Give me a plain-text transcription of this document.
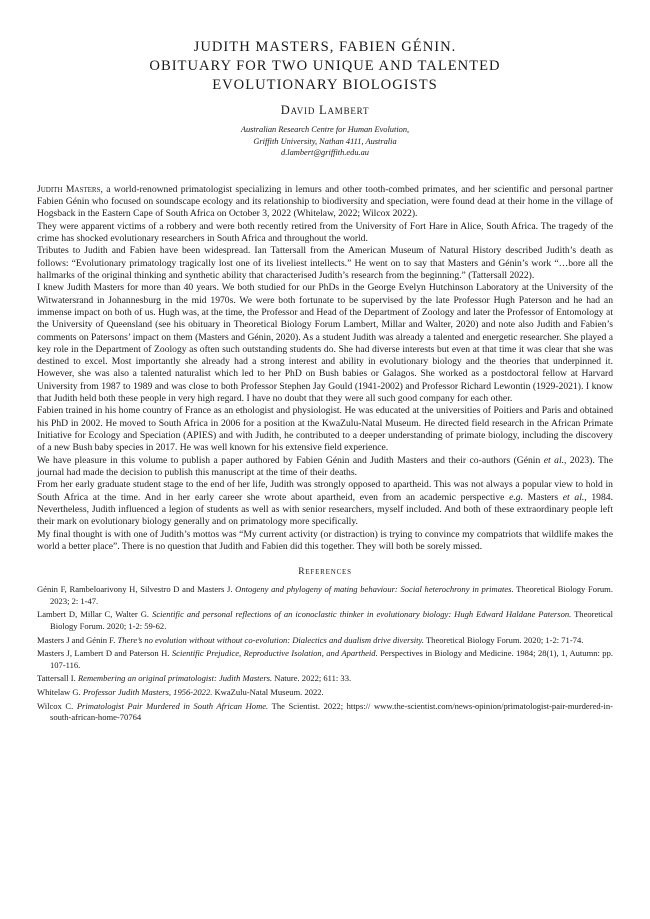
JUDITH MASTERS, FABIEN GÉNIN.
OBITUARY FOR TWO UNIQUE AND TALENTED
EVOLUTIONARY BIOLOGISTS
David Lambert
Australian Research Centre for Human Evolution,
Griffith University, Nathan 4111, Australia
d.lambert@griffith.edu.au

Judith Masters, a world-renowned primatologist specializing in lemurs and other tooth-combed primates, and her scientific and personal partner Fabien Génin who focused on soundscape ecology and its relationship to biodiversity and speciation, were found dead at their home in the village of Hogsback in the Eastern Cape of South Africa on October 3, 2022 (Whitelaw, 2022; Wilcox 2022).

They were apparent victims of a robbery and were both recently retired from the University of Fort Hare in Alice, South Africa. The tragedy of the crime has shocked evolutionary researchers in South Africa and throughout the world.

Tributes to Judith and Fabien have been widespread. Ian Tattersall from the American Museum of Natural History described Judith’s death as follows: “Evolutionary primatology tragically lost one of its liveliest intellects.” He went on to say that Masters and Génin’s work “…bore all the hallmarks of the original thinking and synthetic ability that characterised Judith’s research from the beginning.” (Tattersall 2022).

I knew Judith Masters for more than 40 years. We both studied for our PhDs in the George Evelyn Hutchinson Laboratory at the University of the Witwatersrand in Johannesburg in the mid 1970s. We were both fortunate to be supervised by the late Professor Hugh Paterson and he had an immense impact on both of us. Hugh was, at the time, the Professor and Head of the Department of Zoology and later the Professor of Entomology at the University of Queensland (see his obituary in Theoretical Biology Forum Lambert, Millar and Walter, 2020) and note also Judith and Fabien’s comments on Patersons’ impact on them (Masters and Génin, 2020). As a student Judith was already a talented and energetic researcher. She played a key role in the Department of Zoology as often such outstanding students do. She had diverse interests but even at that time it was clear that she was destined to excel. Most importantly she already had a strong interest and ability in evolutionary biology and the theories that underpinned it. However, she was also a talented naturalist which led to her PhD on Bush babies or Galagos. She worked as a postdoctoral fellow at Harvard University from 1987 to 1989 and was close to both Professor Stephen Jay Gould (1941-2002) and Professor Richard Lewontin (1929-2021). I know that Judith held both these people in very high regard. I have no doubt that they were all such good company for each other.

Fabien trained in his home country of France as an ethologist and physiologist. He was educated at the universities of Poitiers and Paris and obtained his PhD in 2002. He moved to South Africa in 2006 for a position at the KwaZulu-Natal Museum. He directed field research in the African Primate Initiative for Ecology and Speciation (APIES) and with Judith, he contributed to a deeper understanding of primate biology, including the discovery of a new Bush baby species in 2017. He was well known for his extensive field experience.

We have pleasure in this volume to publish a paper authored by Fabien Génin and Judith Masters and their co-authors (Génin et al., 2023). The journal had made the decision to publish this manuscript at the time of their deaths.

From her early graduate student stage to the end of her life, Judith was strongly opposed to apartheid. This was not always a popular view to hold in South Africa at the time. And in her early career she wrote about apartheid, even from an academic perspective e.g. Masters et al., 1984. Nevertheless, Judith influenced a legion of students as well as with senior researchers, myself included. And both of these extraordinary people left their mark on evolutionary biology generally and on primatology more specifically.

My final thought is with one of Judith’s mottos was “My current activity (or distraction) is trying to convince my compatriots that wildlife makes the world a better place”. There is no question that Judith and Fabien did this together. They will both be sorely missed.

References

Génin F, Rambeloarivony H, Silvestro D and Masters J. Ontogeny and phylogeny of mating behaviour: Social heterochrony in primates. Theoretical Biology Forum. 2023; 2: 1-47.

Lambert D, Millar C, Walter G. Scientific and personal reflections of an iconoclastic thinker in evolutionary biology: Hugh Edward Haldane Paterson. Theoretical Biology Forum. 2020; 1-2: 59-62.

Masters J and Génin F. There’s no evolution without without co-evolution: Dialectics and dualism drive diversity. Theoretical Biology Forum. 2020; 1-2: 71-74.

Masters J, Lambert D and Paterson H. Scientific Prejudice, Reproductive Isolation, and Apartheid. Perspectives in Biology and Medicine. 1984; 28(1), 1, Autumn: pp. 107-116.

Tattersall I. Remembering an original primatologist: Judith Masters. Nature. 2022; 611: 33.

Whitelaw G. Professor Judith Masters, 1956-2022. KwaZulu-Natal Museum. 2022.

Wilcox C. Primatologist Pair Murdered in South African Home. The Scientist. 2022; https:// www.the-scientist.com/news-opinion/primatologist-pair-murdered-in-south-african-home-70764
